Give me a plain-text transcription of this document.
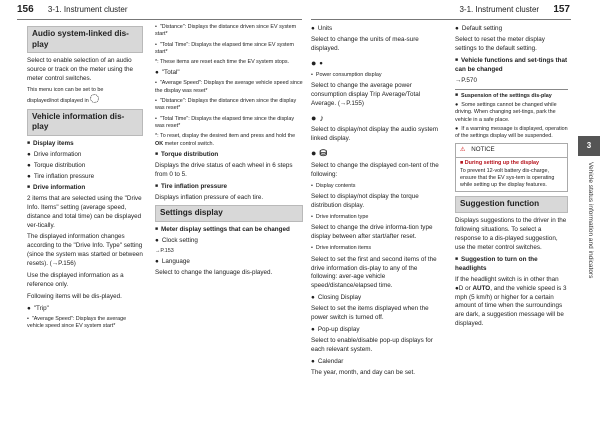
156 3-1. Instrument cluster	3-1. Instrument cluster 157
3
Vehicle status information and indicators
Audio system-linked dis-play

Select to enable selection of an audio source or track on the meter using the meter control switches.

This menu icon can be set to be
displayed/not displayed in

Vehicle information dis-play
■ Display items
● Drive information
● Torque distribution
● Tire inflation pressure
■ Drive information

2 items that are selected using the "Drive Info. Items" setting (average speed, distance and total time) can be displayed ver-tically.

The displayed information changes according to the "Drive Info. Type" setting (since the system was started or between resets). (→P.156)

Use the displayed information as a reference only.

Following items will be dis-played.

● "Trip"

• "Average Speed": Displays the average vehicle speed since EV system start*

• "Distance": Displays the distance driven since EV system start*

• "Total Time": Displays the elapsed time since EV system start*

*: These items are reset each time the EV system stops.

● "Total"

• "Average Speed": Displays the average vehicle speed since the display was reset*

• "Distance": Displays the distance driven since the display was reset*

• "Total Time": Displays the elapsed time since the display was reset*

*: To reset, display the desired item and press and hold the OK meter control switch.

■ Torque distribution

Displays the drive status of each wheel in 6 steps from 0 to 5.

■ Tire inflation pressure

Displays inflation pressure of each tire.

Settings display
■ Meter display settings that can be changed
● Clock setting

→P.153

● Language

Select to change the language dis-played.

● Units

Select to change the units of mea-sure displayed.

● •

• Power consumption display

Select to change the average power consumption display Trip Average/Total Average. (→P.155)

● ♪

Select to display/not display the audio system linked display.

● ⛁

Select to change the displayed con-tent of the following:

• Display contents

Select to display/not display the torque distribution display.

• Drive information type

Select to change the drive informa-tion type display between after start/after reset.

• Drive information items

Select to set the first and second items of the drive information dis-play to any of the following: aver-age vehicle speed/distance/elapsed time.

● Closing Display

Select to set the items displayed when the power switch is turned off.

● Pop-up display

Select to enable/disable pop-up displays for each relevant system.

● Calendar

The year, month, and day can be set.

● Default setting

Select to reset the meter display settings to the default setting.

■ Vehicle functions and set-tings that can be changed

→P.570

■ Suspension of the settings dis-play

● Some settings cannot be changed while driving. When changing set-tings, park the vehicle in a safe place.

● If a warning message is displayed, operation of the settings display will be suspended.

⚠ NOTICE
■ During setting up the display
To prevent 12-volt battery dis-charge, ensure that the EV sys-tem is operating while setting up the display features.
Suggestion function

Displays suggestions to the driver in the following situations. To select a response to a dis-played suggestion, use the meter control switches.

■ Suggestion to turn on the headlights

If the headlight switch is in other than ●D or AUTO, and the vehicle speed is 3 mph (5 km/h) or higher for a certain amount of time when the surroundings are dark, a suggestion message will be displayed.
